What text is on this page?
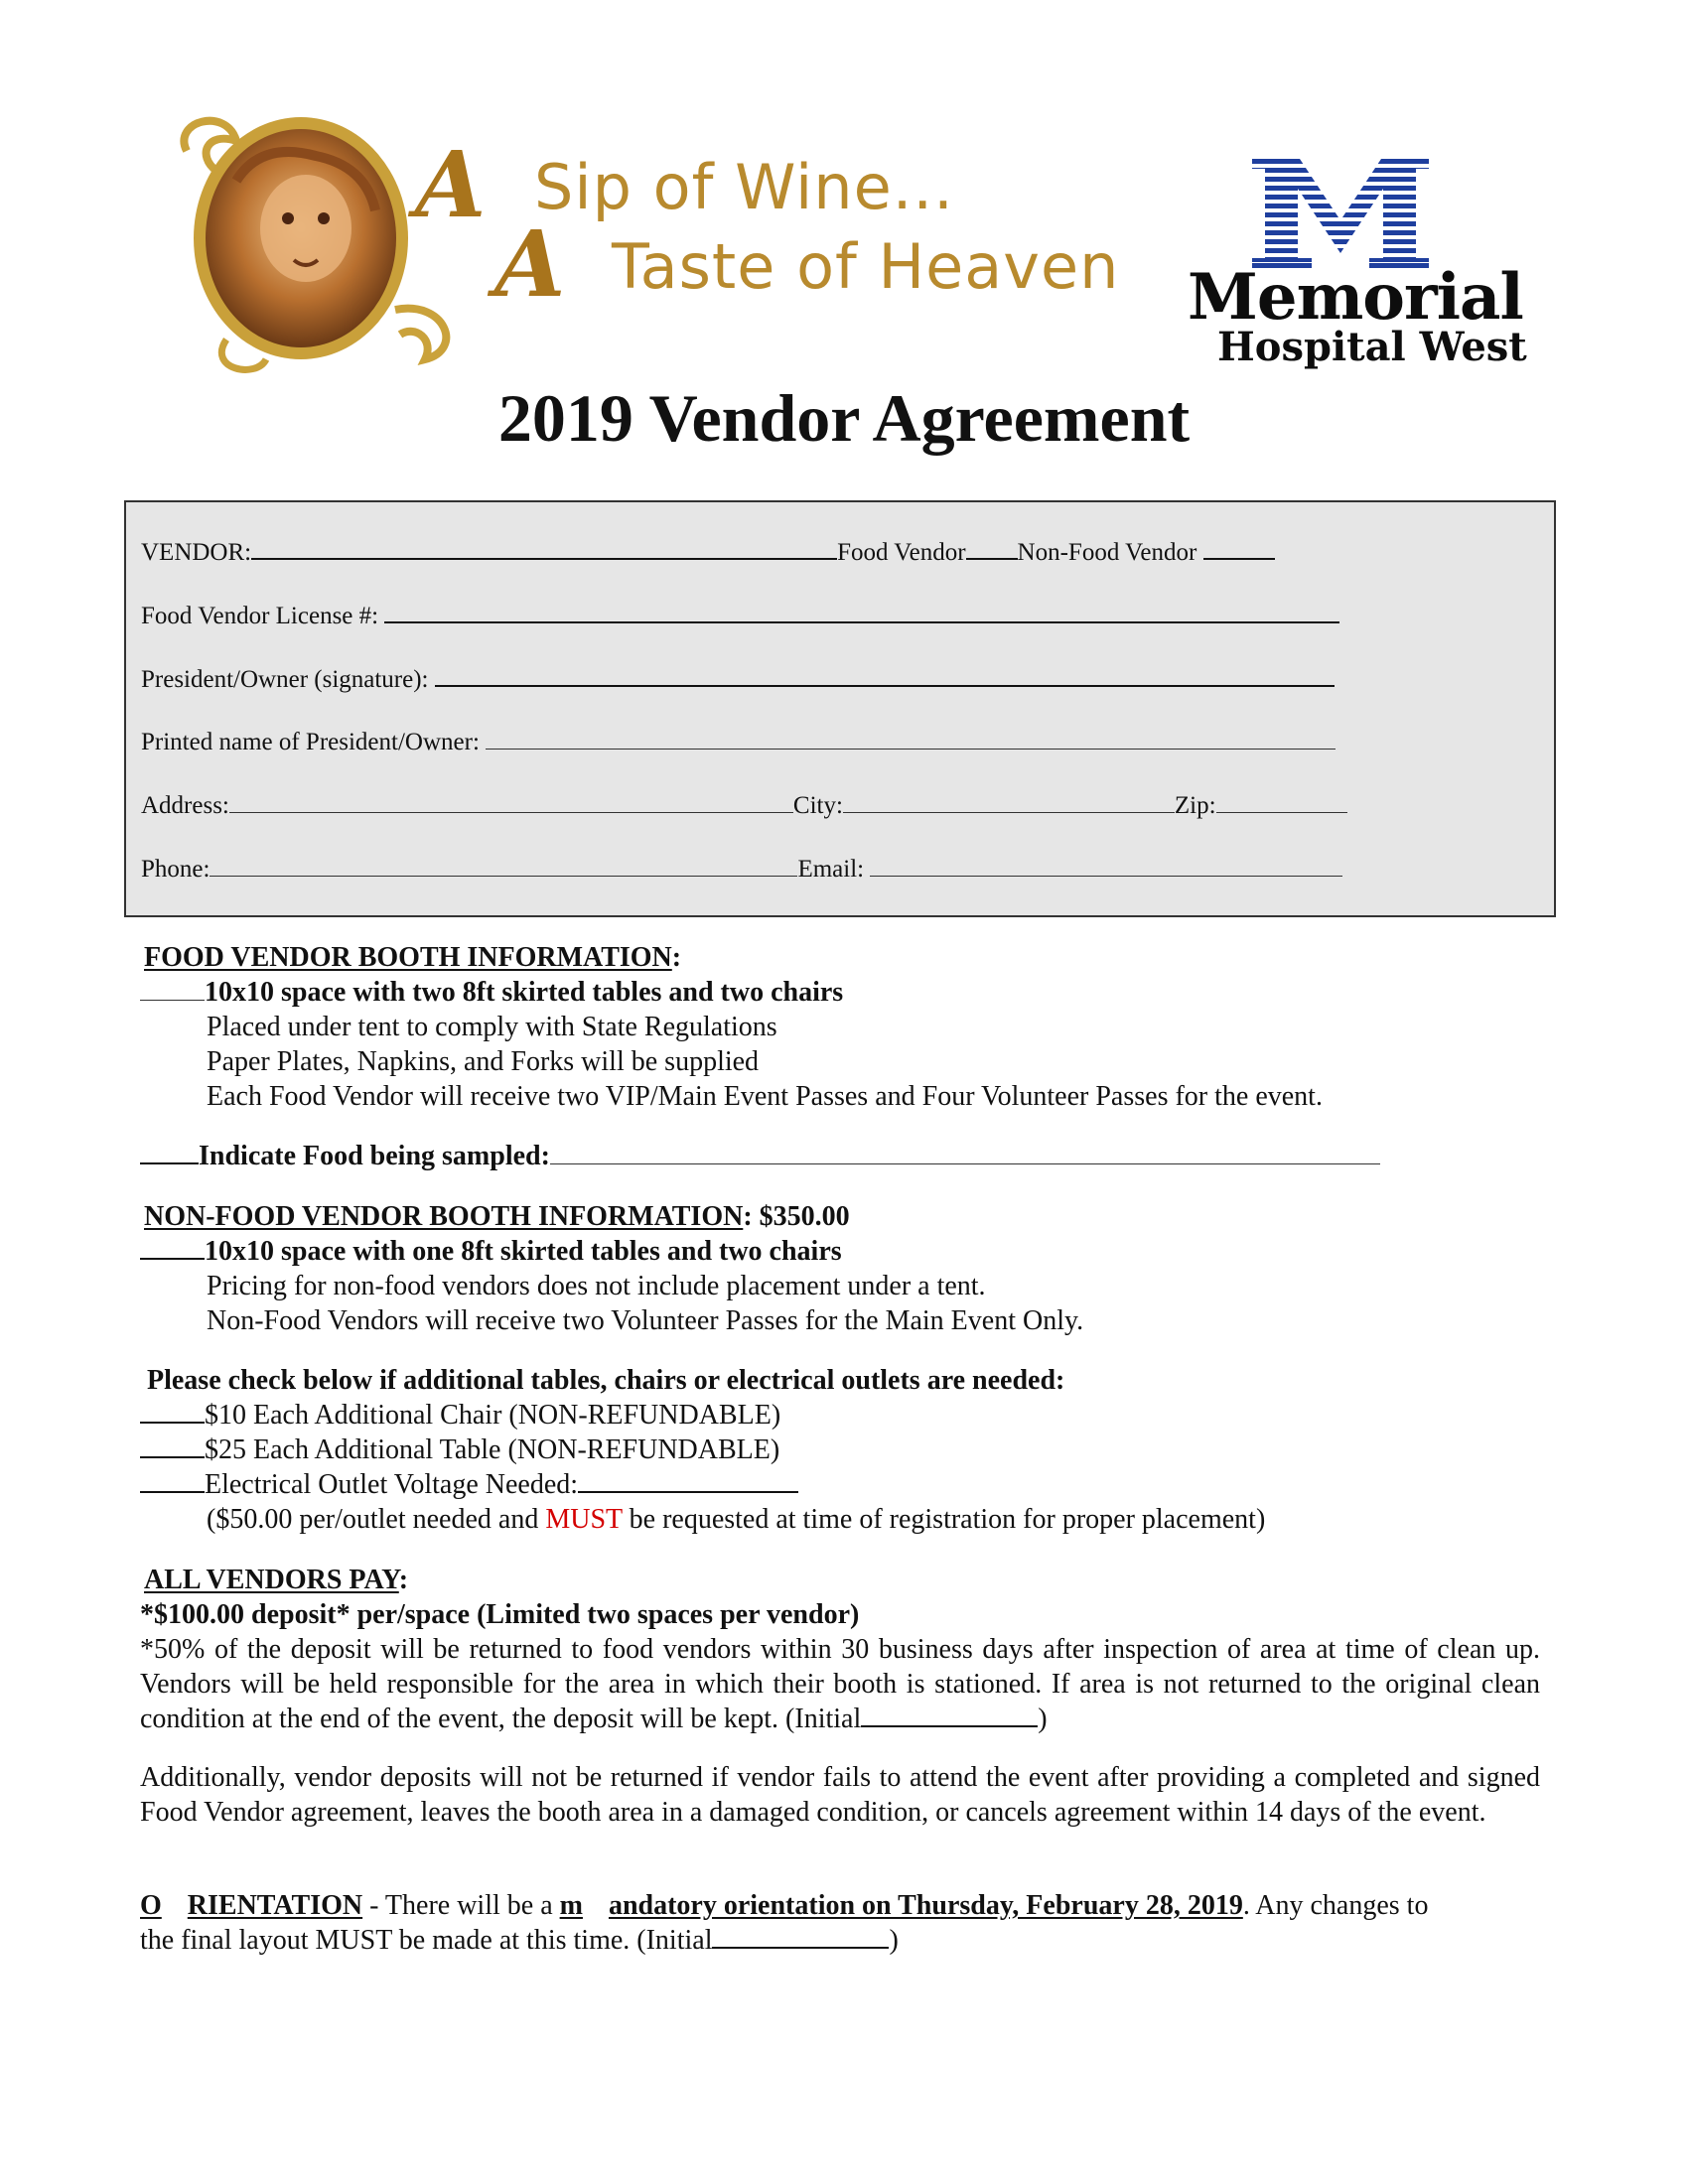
A Sip of Wine...
A Taste of Heaven Memorial
Hospital West
2019 Vendor Agreement
VENDOR:	Food Vendor Non-Food Vendor
Food Vendor License #:
President/Owner (signature):
Printed name of President/Owner:
Address:	City:	Zip:
Phone:	Email:
FOOD VENDOR BOOTH INFORMATION:
10x10 space with two 8ft skirted tables and two chairs
Placed under tent to comply with State Regulations
Paper Plates, Napkins, and Forks will be supplied
Each Food Vendor will receive two VIP/Main Event Passes and Four Volunteer Passes for the event.
Indicate Food being sampled:
NON-FOOD VENDOR BOOTH INFORMATION: $350.00
10x10 space with one 8ft skirted tables and two chairs
Pricing for non-food vendors does not include placement under a tent.
Non-Food Vendors will receive two Volunteer Passes for the Main Event Only.
Please check below if additional tables, chairs or electrical outlets are needed:
$10 Each Additional Chair (NON-REFUNDABLE)
$25 Each Additional Table (NON-REFUNDABLE)
Electrical Outlet Voltage Needed:
($50.00 per/outlet needed and MUST be requested at time of registration for proper placement)
ALL VENDORS PAY:
*$100.00 deposit* per/space (Limited two spaces per vendor)
*50% of the deposit will be returned to food vendors within 30 business days after inspection of area at time of clean up. Vendors will be held responsible for the area in which their booth is stationed. If area is not returned to the original clean condition at the end of the event, the deposit will be kept. (Initial	)
Additionally, vendor deposits will not be returned if vendor fails to attend the event after providing a completed and signed Food Vendor agreement, leaves the booth area in a damaged condition, or cancels agreement within 14 days of the event.
O RIENTATION - There will be a m andatory orientation on Thursday, February 28, 2019. Any changes to
the final layout MUST be made at this time. (Initial	)
